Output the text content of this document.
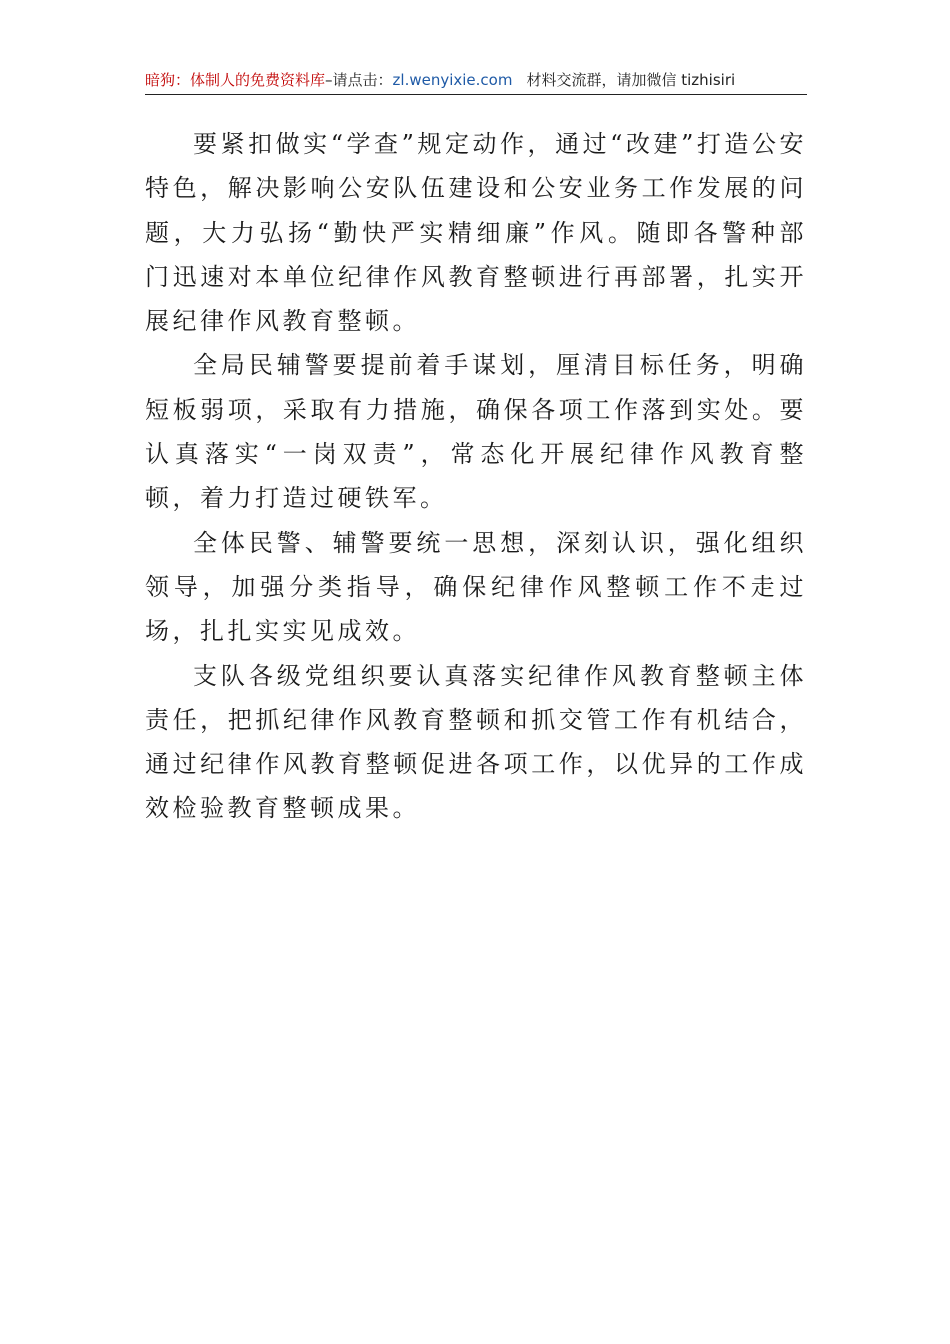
暗狗：体制人的免费资料库–请点击：zl.wenyixie.com 材料交流群，请加微信 tizhisiri

要紧扣做实“学查”规定动作，通过“改建”打造公安特色，解决影响公安队伍建设和公安业务工作发展的问题，大力弘扬“勤快严实精细廉”作风。随即各警种部门迅速对本单位纪律作风教育整顿进行再部署，扎实开展纪律作风教育整顿。

全局民辅警要提前着手谋划，厘清目标任务，明确短板弱项，采取有力措施，确保各项工作落到实处。要认真落实“一岗双责”，常态化开展纪律作风教育整顿，着力打造过硬铁军。

全体民警、辅警要统一思想，深刻认识，强化组织领导，加强分类指导，确保纪律作风整顿工作不走过场，扎扎实实见成效。

支队各级党组织要认真落实纪律作风教育整顿主体责任，把抓纪律作风教育整顿和抓交管工作有机结合，通过纪律作风教育整顿促进各项工作，以优异的工作成效检验教育整顿成果。
